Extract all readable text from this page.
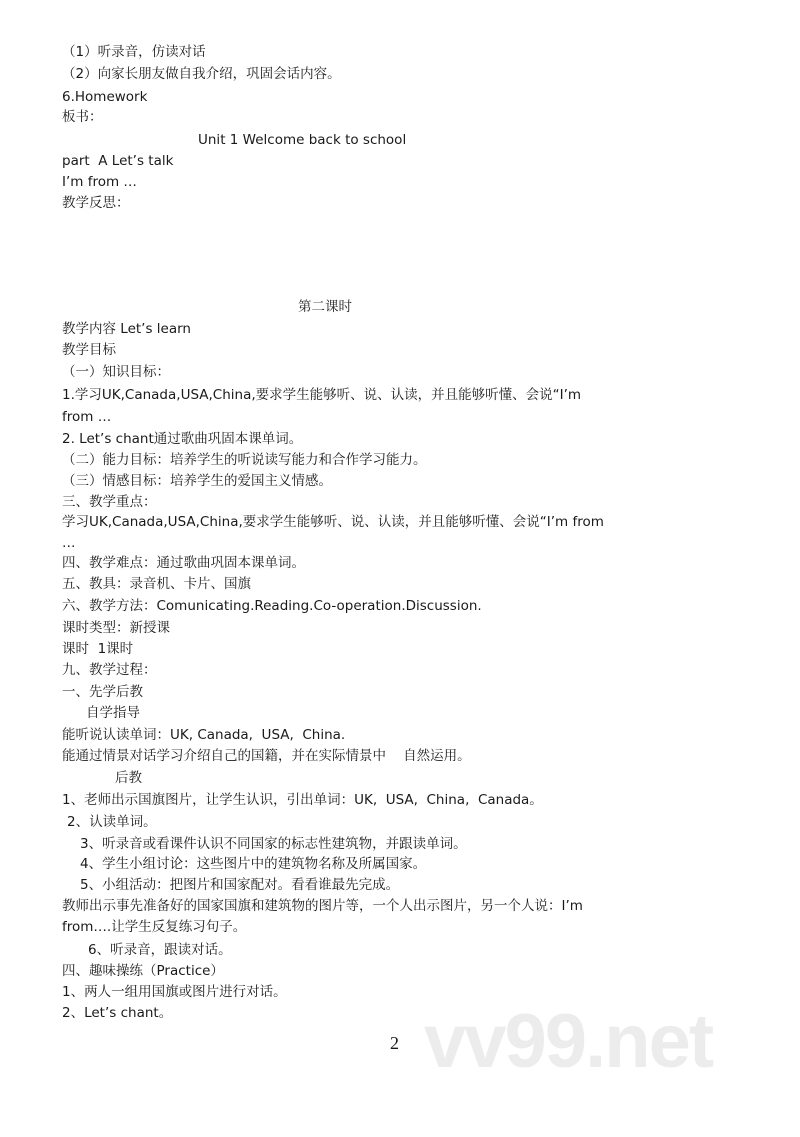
vv99.net
（1）听录音，仿读对话
（2）向家长朋友做自我介绍，巩固会话内容。
6.Homework
板书：
Unit 1 Welcome back to school
part  A Let’s talk
I’m from …
教学反思：
第二课时
教学内容 Let’s learn
教学目标
（一）知识目标：
1.学习UK,Canada,USA,China,要求学生能够听、说、认读，并且能够听懂、会说“I’m
from …
2. Let’s chant通过歌曲巩固本课单词。
（二）能力目标：培养学生的听说读写能力和合作学习能力。
（三）情感目标：培养学生的爱国主义情感。
三、教学重点：
学习UK,Canada,USA,China,要求学生能够听、说、认读，并且能够听懂、会说“I’m from
…
四、教学难点：通过歌曲巩固本课单词。
五、教具：录音机、卡片、国旗
六、教学方法：Comunicating.Reading.Co-operation.Discussion.
课时类型：新授课
课时  1课时
九、教学过程：
一、先学后教
自学指导
能听说认读单词：UK, Canada,  USA,  China.
能通过情景对话学习介绍自己的国籍，并在实际情景中    自然运用。
后教
1、老师出示国旗图片，让学生认识，引出单词：UK,  USA,  China,  Canada。
2、认读单词。
3、听录音或看课件认识不同国家的标志性建筑物，并跟读单词。
4、学生小组讨论：这些图片中的建筑物名称及所属国家。
5、小组活动：把图片和国家配对。看看谁最先完成。
教师出示事先准备好的国家国旗和建筑物的图片等，一个人出示图片，另一个人说：I’m
from….让学生反复练习句子。
6、听录音，跟读对话。
四、趣味操练（Practice）
1、两人一组用国旗或图片进行对话。
2、Let’s chant。
2
